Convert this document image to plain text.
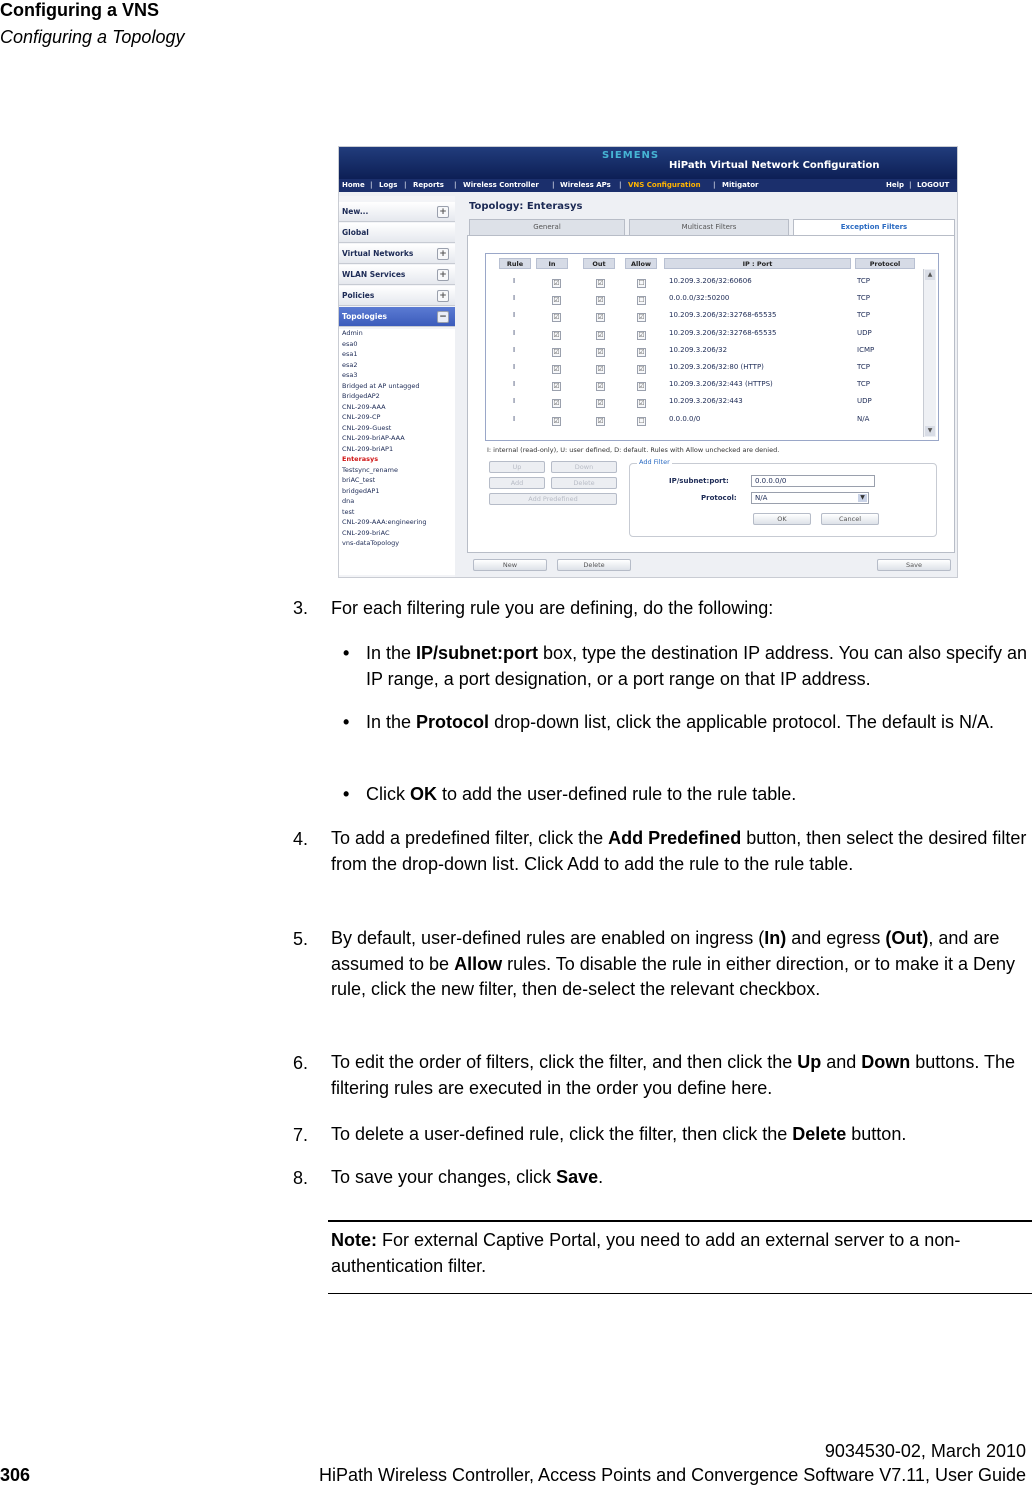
Configuring a VNS
Configuring a Topology
SIEMENS
HiPath Virtual Network Configuration
Home | Logs | Reports | Wireless Controller | Wireless APs | VNS Configuration | Mitigator	Help | LOGOUT
New...	+
Global
Virtual Networks	+
WLAN Services	+
Policies	+
Topologies	−
Admin
esa0
esa1
esa2
esa3
Bridged at AP untagged
BridgedAP2
CNL-209-AAA
CNL-209-CP
CNL-209-Guest
CNL-209-briAP-AAA
CNL-209-briAP1
Enterasys
Testsync_rename
briAC_test
bridgedAP1
dna
test
CNL-209-AAA:engineering
CNL-209-briAC
vns-dataTopology
Topology: Enterasys
General	Multicast Filters	Exception Filters
Rule	In	Out	Allow	IP : Port	Protocol
▲
▼
I: internal (read-only), U: user defined, D: default. Rules with Allow unchecked are denied.
Up	Down
Add	Delete
Add Predefined
Add Filter
IP/subnet:port:	0.0.0.0/0
Protocol:	N/A	▼
OK	Cancel
New	Delete	Save
I	☑	☑	☐	10.209.3.206/32:60606	TCP
I	☑	☑	☐	0.0.0.0/32:50200	TCP
I	☑	☑	☑	10.209.3.206/32:32768-65535	TCP
I	☑	☑	☑	10.209.3.206/32:32768-65535	UDP
I	☑	☑	☑	10.209.3.206/32	ICMP
I	☑	☑	☑	10.209.3.206/32:80 (HTTP)	TCP
I	☑	☑	☑	10.209.3.206/32:443 (HTTPS)	TCP
I	☑	☑	☑	10.209.3.206/32:443	UDP
I	☑	☑	☐	0.0.0.0/0	N/A
3. For each filtering rule you are defining, do the following:
• In the IP/subnet:port box, type the destination IP address. You can also specify an IP range, a port designation, or a port range on that IP address.
• In the Protocol drop-down list, click the applicable protocol. The default is N/A.
• Click OK to add the user-defined rule to the rule table.
4. To add a predefined filter, click the Add Predefined button, then select the desired filter from the drop-down list. Click Add to add the rule to the rule table.
5. By default, user-defined rules are enabled on ingress (In) and egress (Out), and are assumed to be Allow rules. To disable the rule in either direction, or to make it a Deny rule, click the new filter, then de-select the relevant checkbox.
6. To edit the order of filters, click the filter, and then click the Up and Down buttons. The filtering rules are executed in the order you define here.
7. To delete a user-defined rule, click the filter, then click the Delete button.
8. To save your changes, click Save.
Note: For external Captive Portal, you need to add an external server to a non-authentication filter.
9034530-02, March 2010
306	HiPath Wireless Controller, Access Points and Convergence Software V7.11, User Guide
